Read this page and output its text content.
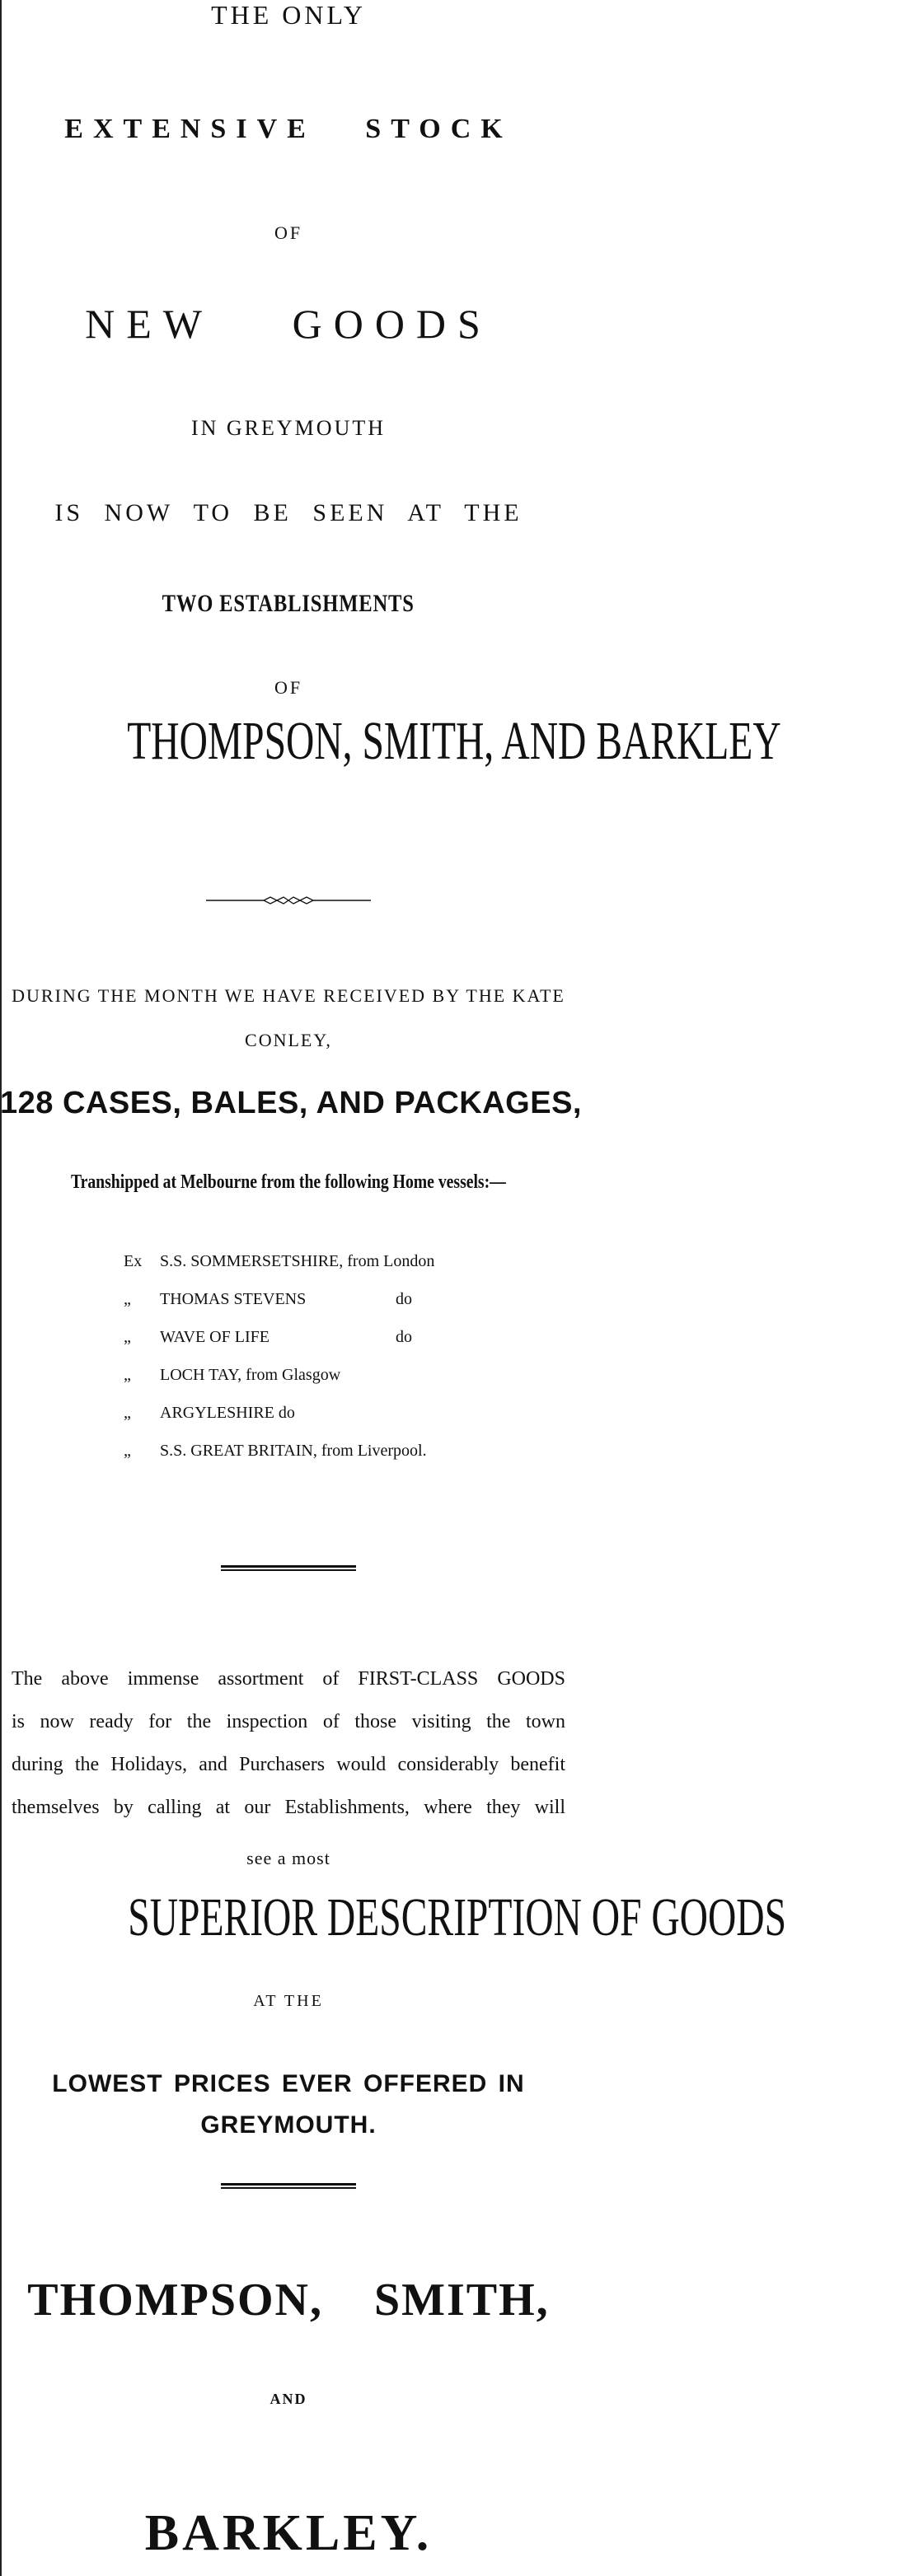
THE ONLY
EXTENSIVE STOCK
OF
NEW GOODS
IN GREYMOUTH
IS NOW TO BE SEEN AT THE
TWO ESTABLISHMENTS
OF
THOMPSON, SMITH, AND BARKLEY
DURING THE MONTH WE HAVE RECEIVED BY THE KATE
CONLEY,
128 CASES, BALES, AND PACKAGES,
Transhipped at Melbourne from the following Home vessels:—
Ex S.S. SOMMERSETSHIRE, from London
„ THOMAS STEVENS	do
„ WAVE OF LIFE	do
„ LOCH TAY, from Glasgow
„ ARGYLESHIRE do
„ S.S. GREAT BRITAIN, from Liverpool.
The above immense assortment of FIRST-CLASS GOODS
is now ready for the inspection of those visiting the town
during the Holidays, and Purchasers would considerably benefit
themselves by calling at our Establishments, where they will
see a most
SUPERIOR DESCRIPTION OF GOODS
AT THE
LOWEST PRICES EVER OFFERED IN
GREYMOUTH.
THOMPSON, SMITH,
AND
BARKLEY.
